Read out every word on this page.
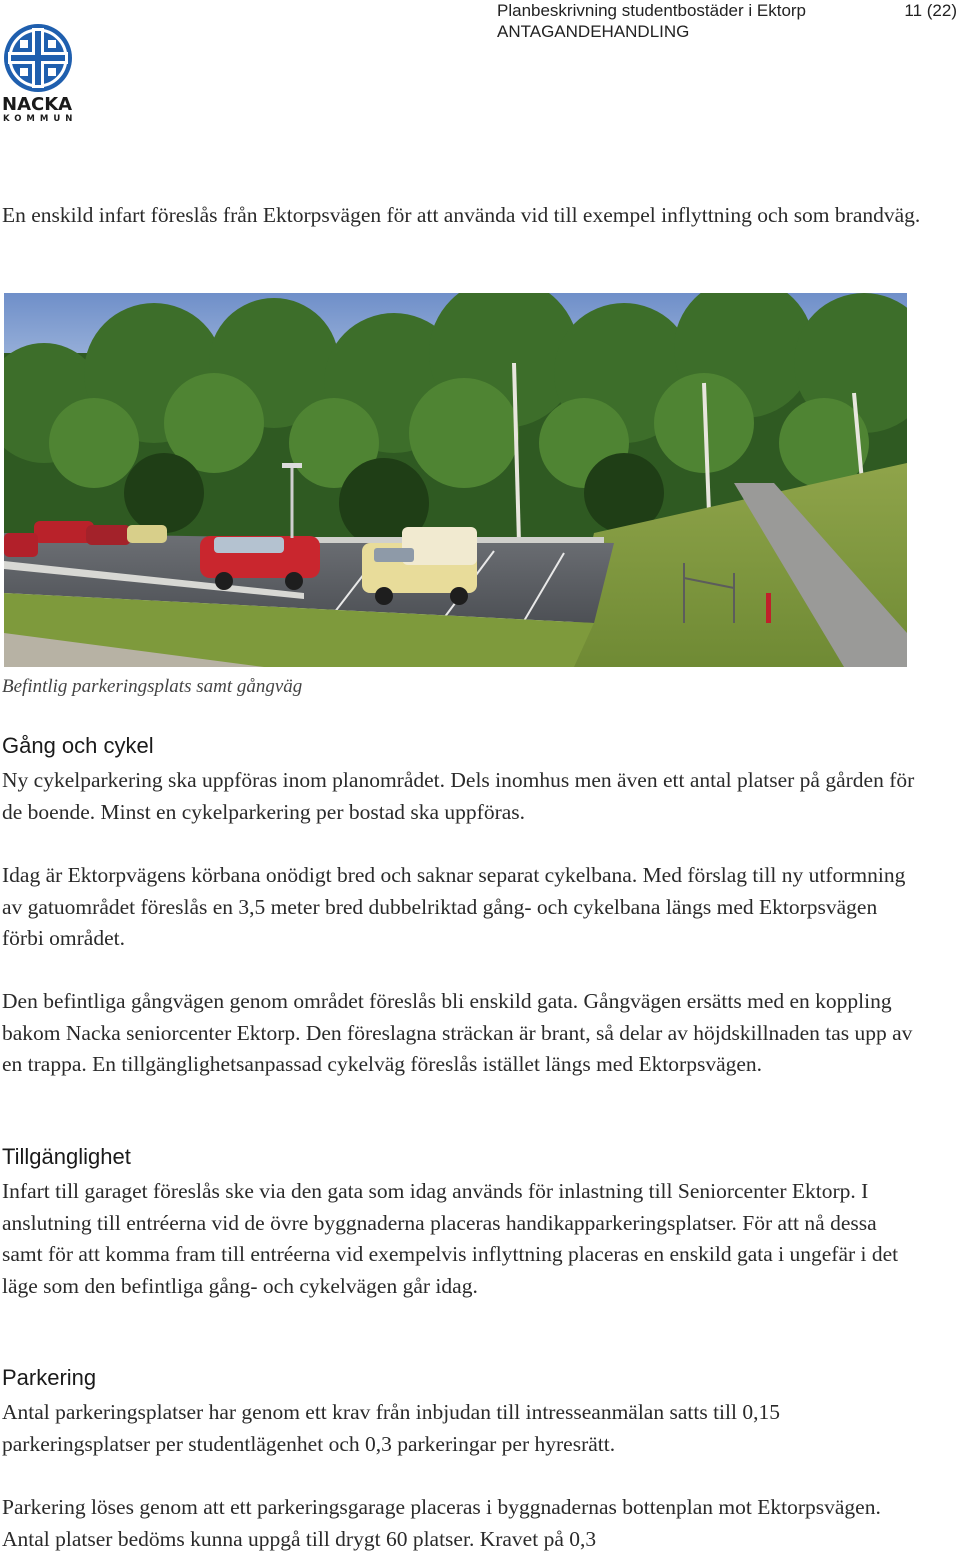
NACKA
KOMMUN
Planbeskrivning studentbostäder i Ektorp
ANTAGANDEHANDLING
11 (22)

En enskild infart föreslås från Ektorpsvägen för att använda vid till exempel inflyttning och som brandväg.

Befintlig parkeringsplats samt gångväg
Gång och cykel

Ny cykelparkering ska uppföras inom planområdet. Dels inomhus men även ett antal platser på gården för de boende. Minst en cykelparkering per bostad ska uppföras.

Idag är Ektorpvägens körbana onödigt bred och saknar separat cykelbana. Med förslag till ny utformning av gatuområdet föreslås en 3,5 meter bred dubbelriktad gång- och cykelbana längs med Ektorpsvägen förbi området.

Den befintliga gångvägen genom området föreslås bli enskild gata. Gångvägen ersätts med en koppling bakom Nacka seniorcenter Ektorp. Den föreslagna sträckan är brant, så delar av höjdskillnaden tas upp av en trappa. En tillgänglighetsanpassad cykelväg föreslås istället längs med Ektorpsvägen.

Tillgänglighet

Infart till garaget föreslås ske via den gata som idag används för inlastning till Seniorcenter Ektorp. I anslutning till entréerna vid de övre byggnaderna placeras handikapparkeringsplatser. För att nå dessa samt för att komma fram till entréerna vid exempelvis inflyttning placeras en enskild gata i ungefär i det läge som den befintliga gång- och cykelvägen går idag.

Parkering

Antal parkeringsplatser har genom ett krav från inbjudan till intresseanmälan satts till 0,15 parkeringsplatser per studentlägenhet och 0,3 parkeringar per hyresrätt.

Parkering löses genom att ett parkeringsgarage placeras i byggnadernas bottenplan mot Ektorpsvägen. Antal platser bedöms kunna uppgå till drygt 60 platser. Kravet på 0,3
